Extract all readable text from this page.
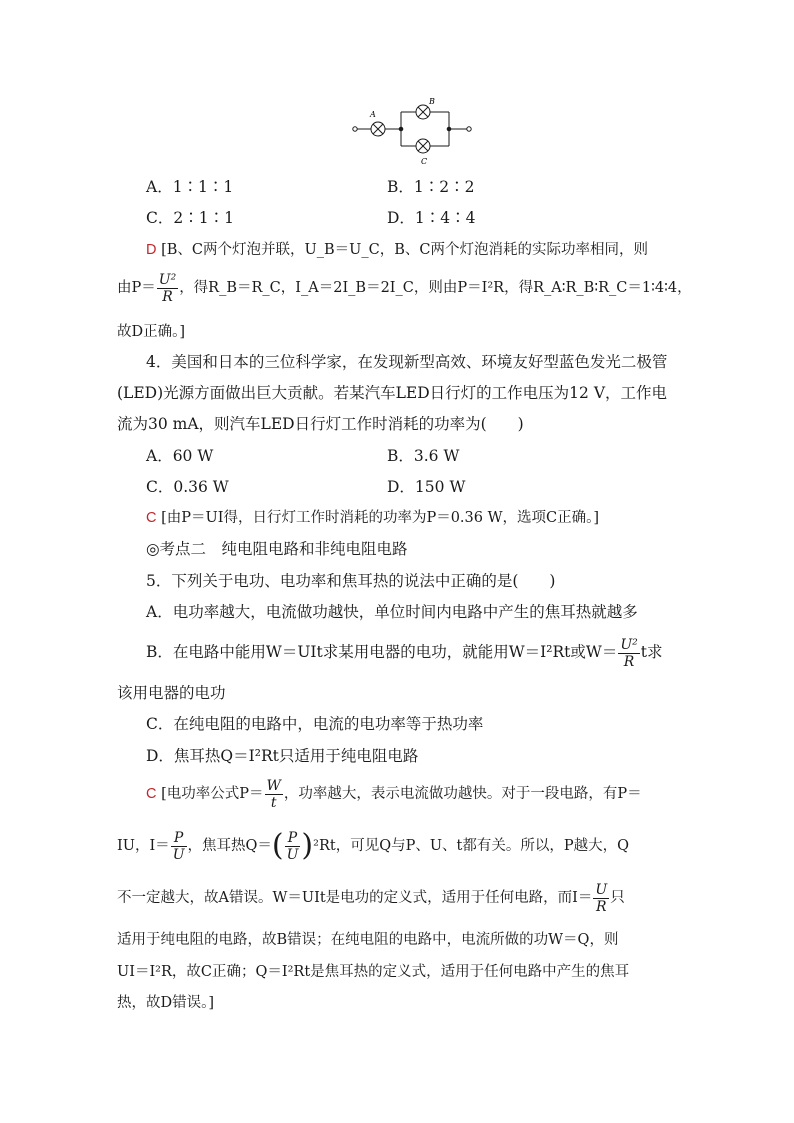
A
B
C
A．1∶1∶1	B．1∶2∶2
C．2∶1∶1	D．1∶4∶4
D [B、C两个灯泡并联，U_B＝U_C，B、C两个灯泡消耗的实际功率相同，则
由$P= \frac{\text{U²}}{R}$ ，得R_B＝R_C，I_A＝2I_B＝2I_C，则由P＝I²R，得R_A∶R_B∶R_C＝1∶4∶4，
故D正确。]
4．美国和日本的三位科学家，在发现新型高效、环境友好型蓝色发光二极管
(LED)光源方面做出巨大贡献。若某汽车LED日行灯的工作电压为12 V，工作电
流为30 mA，则汽车LED日行灯工作时消耗的功率为(　　)
A．60 W	B．3.6 W
C．0.36 W	D．150 W
C [由P＝UI得，日行灯工作时消耗的功率为P＝0.36 W，选项C正确。]
◎考点二　纯电阻电路和非纯电阻电路
5．下列关于电功、电功率和焦耳热的说法中正确的是(　　)
A．电功率越大，电流做功越快，单位时间内电路中产生的焦耳热就越多
B．在电路中能用W＝UIt求某用电器的电功，就能用W＝I²Rt或$W= \frac{\text{U²}}{R}$ t求
该用电器的电功
C．在纯电阻的电路中，电流的电功率等于热功率
D．焦耳热Q＝I²Rt只适用于纯电阻电路
C [电功率公式$P= \frac{W}{t}$ ，功率越大，表示电流做功越快。对于一段电路，有P＝
IU，$I= \frac{P}{U}$ ，焦耳热$Q=( \frac{P}{U} )^2Rt$，可见Q与P、U、t都有关。所以，P越大，Q
不一定越大，故A错误。W＝UIt是电功的定义式，适用于任何电路，而$I= \frac{U}{R}$ 只
适用于纯电阻的电路，故B错误；在纯电阻的电路中，电流所做的功W＝Q，则
UI＝I²R，故C正确；Q＝I²Rt是焦耳热的定义式，适用于任何电路中产生的焦耳
热，故D错误。]
